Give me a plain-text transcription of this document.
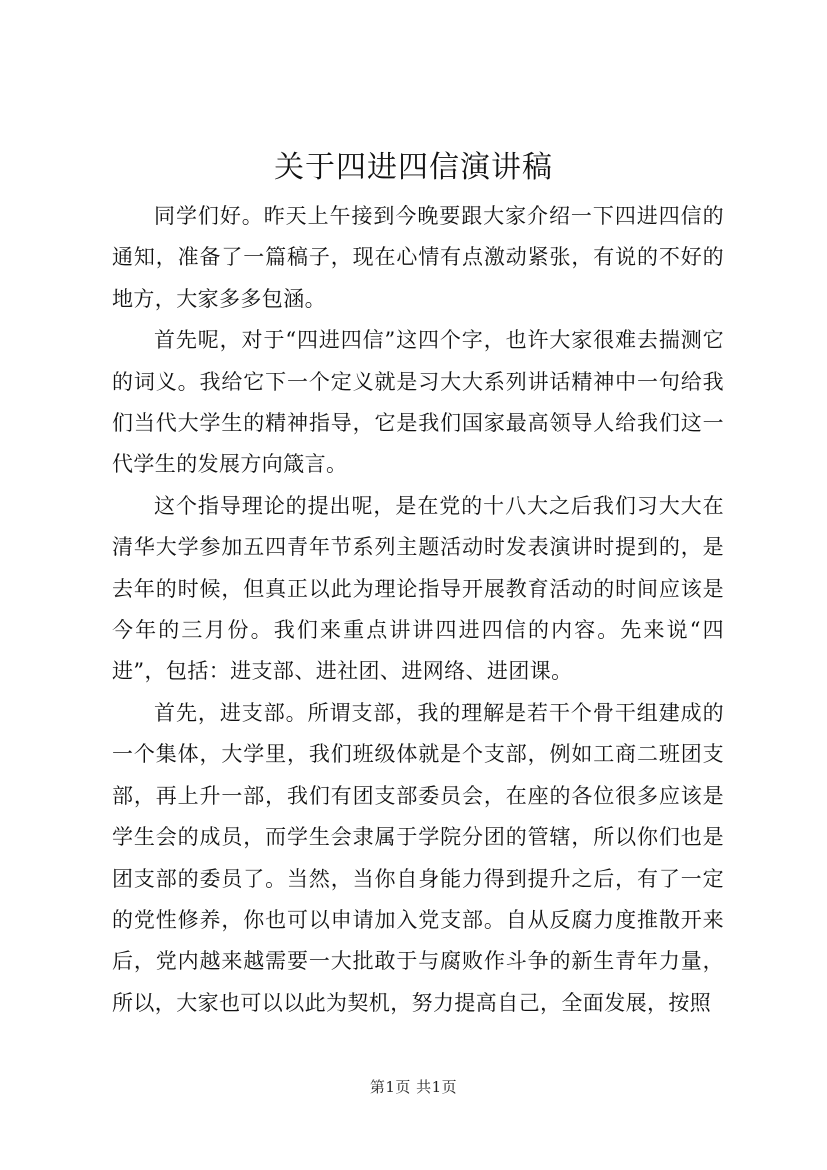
关于四进四信演讲稿

同学们好。昨天上午接到今晚要跟大家介绍一下四进四信的通知，准备了一篇稿子，现在心情有点激动紧张，有说的不好的地方，大家多多包涵。

首先呢，对于“四进四信”这四个字，也许大家很难去揣测它的词义。我给它下一个定义就是习大大系列讲话精神中一句给我们当代大学生的精神指导，它是我们国家最高领导人给我们这一代学生的发展方向箴言。

这个指导理论的提出呢，是在党的十八大之后我们习大大在清华大学参加五四青年节系列主题活动时发表演讲时提到的，是去年的时候，但真正以此为理论指导开展教育活动的时间应该是今年的三月份。我们来重点讲讲四进四信的内容。先来说“四进”，包括：进支部、进社团、进网络、进团课。

首先，进支部。所谓支部，我的理解是若干个骨干组建成的一个集体，大学里，我们班级体就是个支部，例如工商二班团支部，再上升一部，我们有团支部委员会，在座的各位很多应该是学生会的成员，而学生会隶属于学院分团的管辖，所以你们也是团支部的委员了。当然，当你自身能力得到提升之后，有了一定的党性修养，你也可以申请加入党支部。自从反腐力度推散开来后，党内越来越需要一大批敢于与腐败作斗争的新生青年力量，所以，大家也可以以此为契机，努力提高自己，全面发展，按照

第1页 共1页
